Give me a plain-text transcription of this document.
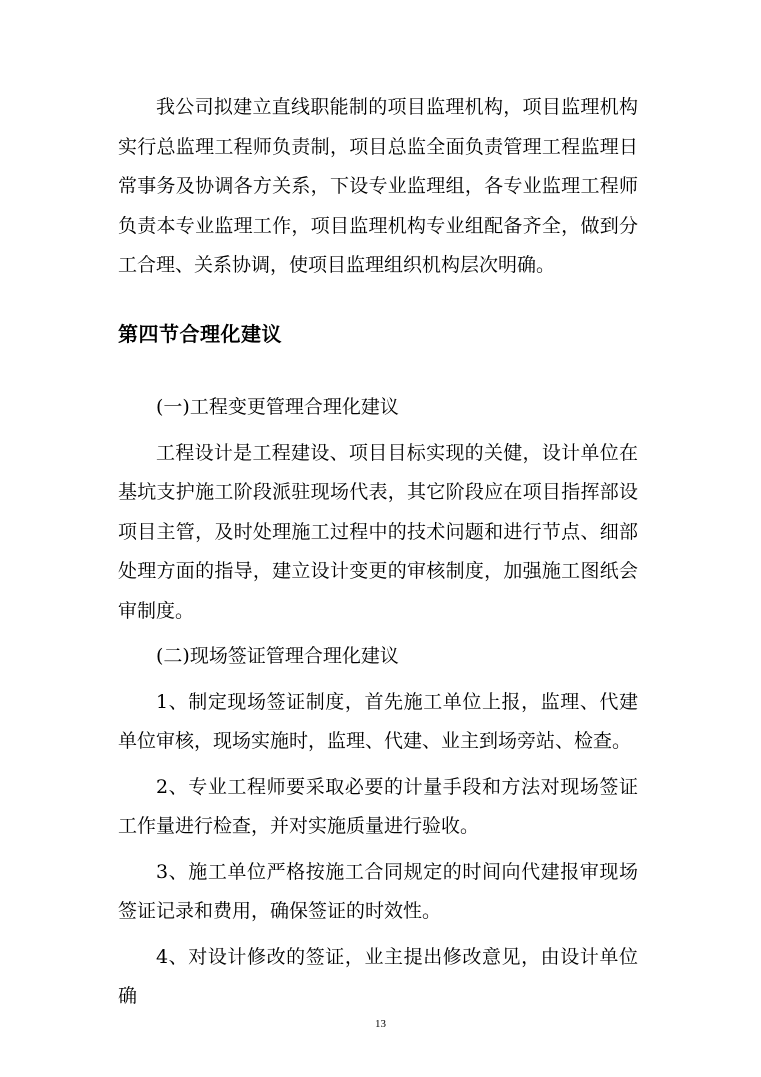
我公司拟建立直线职能制的项目监理机构，项目监理机构实行总监理工程师负责制，项目总监全面负责管理工程监理日常事务及协调各方关系，下设专业监理组，各专业监理工程师负责本专业监理工作，项目监理机构专业组配备齐全，做到分工合理、关系协调，使项目监理组织机构层次明确。

第四节合理化建议

(一)工程变更管理合理化建议

工程设计是工程建设、项目目标实现的关健，设计单位在基坑支护施工阶段派驻现场代表，其它阶段应在项目指挥部设项目主管，及时处理施工过程中的技术问题和进行节点、细部处理方面的指导，建立设计变更的审核制度，加强施工图纸会审制度。

(二)现场签证管理合理化建议

1、制定现场签证制度，首先施工单位上报，监理、代建单位审核，现场实施时，监理、代建、业主到场旁站、检查。

2、专业工程师要采取必要的计量手段和方法对现场签证工作量进行检查，并对实施质量进行验收。

3、施工单位严格按施工合同规定的时间向代建报审现场签证记录和费用，确保签证的时效性。

4、对设计修改的签证，业主提出修改意见，由设计单位确

13
